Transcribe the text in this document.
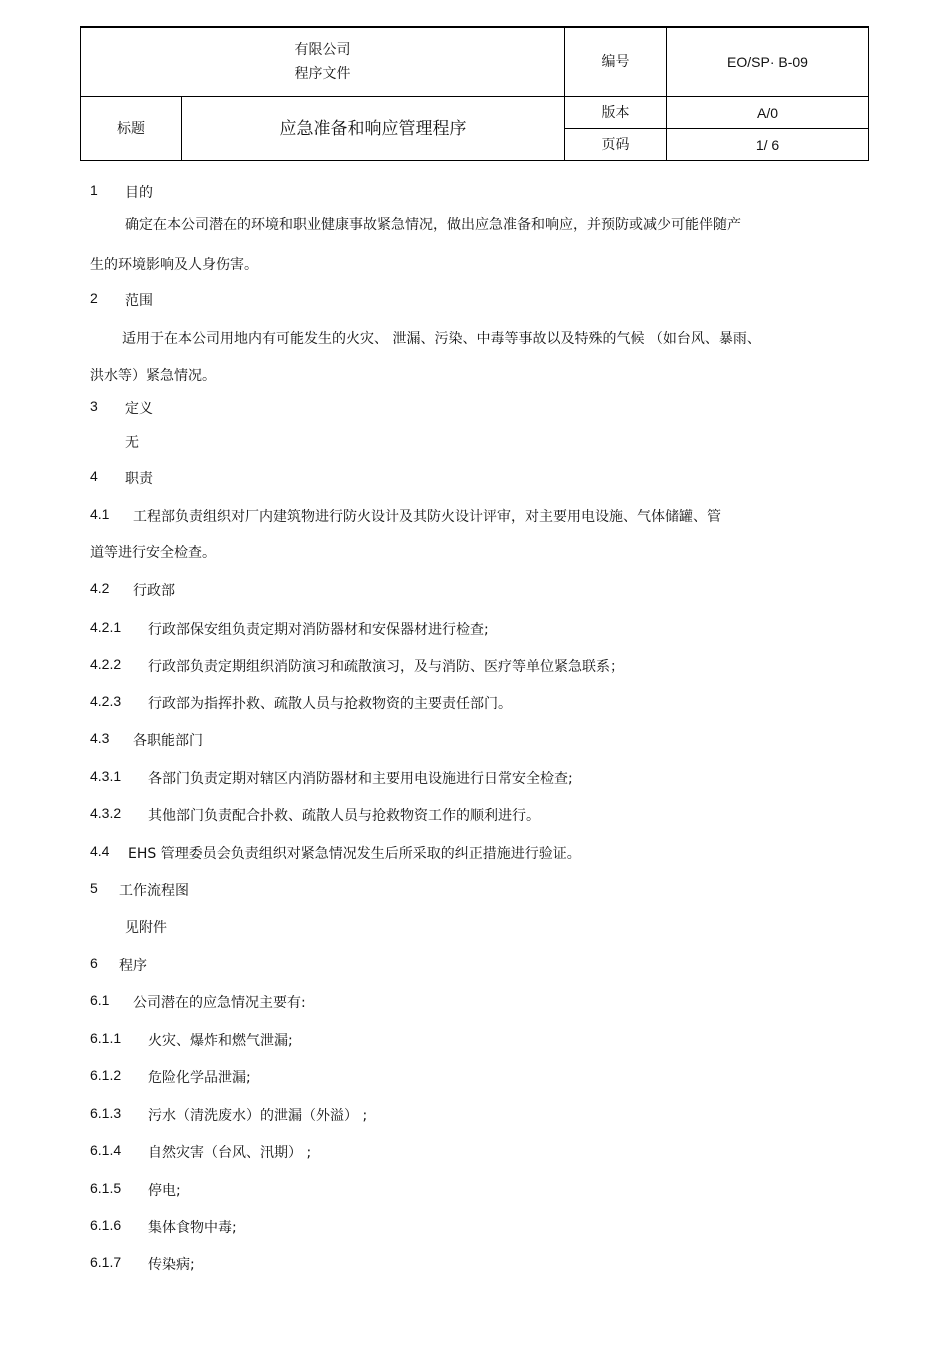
有限公司
程序文件
编号	EO/SP· B-09
标题	应急准备和响应管理程序
版本	A/0
页码	1/ 6
1 目的
确定在本公司潜在的环境和职业健康事故紧急情况，做出应急准备和响应，并预防或减少可能伴随产
生的环境影响及人身伤害。
2 范围
适用于在本公司用地内有可能发生的火灾、 泄漏、污染、中毒等事故以及特殊的气候 （如台风、暴雨、
洪水等）紧急情况。
3 定义
无
4 职责
4.1 工程部负责组织对厂内建筑物进行防火设计及其防火设计评审，对主要用电设施、气体储罐、管
道等进行安全检查。
4.2 行政部
4.2.1 行政部保安组负责定期对消防器材和安保器材进行检查;
4.2.2 行政部负责定期组织消防演习和疏散演习，及与消防、医疗等单位紧急联系；
4.2.3 行政部为指挥扑救、疏散人员与抢救物资的主要责任部门。
4.3 各职能部门
4.3.1 各部门负责定期对辖区内消防器材和主要用电设施进行日常安全检查;
4.3.2 其他部门负责配合扑救、疏散人员与抢救物资工作的顺利进行。
4.4 EHS 管理委员会负责组织对紧急情况发生后所采取的纠正措施进行验证。
5 工作流程图
见附件
6 程序
6.1 公司潜在的应急情况主要有:
6.1.1 火灾、爆炸和燃气泄漏;
6.1.2 危险化学品泄漏;
6.1.3 污水（清洗废水）的泄漏（外溢） ;
6.1.4 自然灾害（台风、汛期） ;
6.1.5 停电;
6.1.6 集体食物中毒;
6.1.7 传染病;
